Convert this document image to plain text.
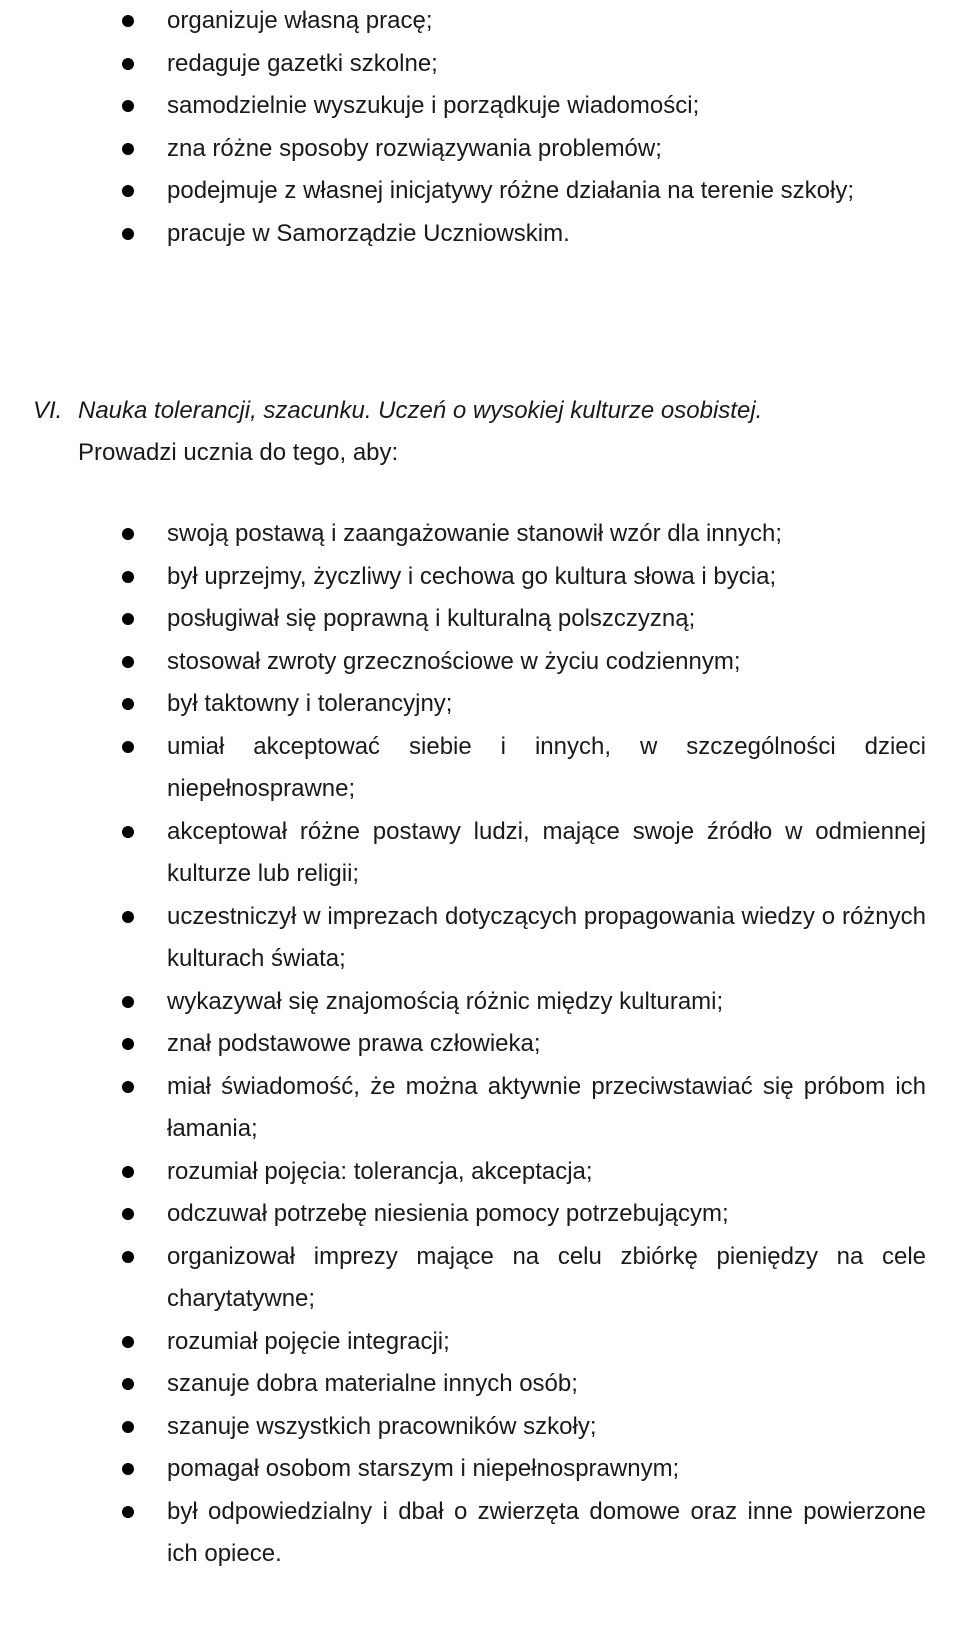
organizuje własną pracę;
redaguje gazetki szkolne;
samodzielnie wyszukuje i porządkuje wiadomości;
zna różne sposoby rozwiązywania problemów;
podejmuje z własnej inicjatywy różne działania na terenie szkoły;
pracuje w Samorządzie Uczniowskim.
VI. Nauka tolerancji, szacunku. Uczeń o wysokiej kulturze osobistej.
Prowadzi ucznia do tego, aby:
swoją postawą i zaangażowanie stanowił wzór dla innych;
był uprzejmy, życzliwy i cechowa go kultura słowa i bycia;
posługiwał się poprawną i kulturalną polszczyzną;
stosował zwroty grzecznościowe w życiu codziennym;
był taktowny i tolerancyjny;
umiał akceptować siebie i innych, w szczególności dzieci niepełnosprawne;
akceptował różne postawy ludzi, mające swoje źródło w odmiennej kulturze lub religii;
uczestniczył w imprezach dotyczących propagowania wiedzy o różnych kulturach świata;
wykazywał się znajomością różnic między kulturami;
znał podstawowe prawa człowieka;
miał świadomość, że można aktywnie przeciwstawiać się próbom ich łamania;
rozumiał pojęcia: tolerancja, akceptacja;
odczuwał potrzebę niesienia pomocy potrzebującym;
organizował imprezy mające na celu zbiórkę pieniędzy na cele charytatywne;
rozumiał pojęcie integracji;
szanuje dobra materialne innych osób;
szanuje wszystkich pracowników szkoły;
pomagał osobom starszym i niepełnosprawnym;
był odpowiedzialny i dbał o zwierzęta domowe oraz inne powierzone ich opiece.
